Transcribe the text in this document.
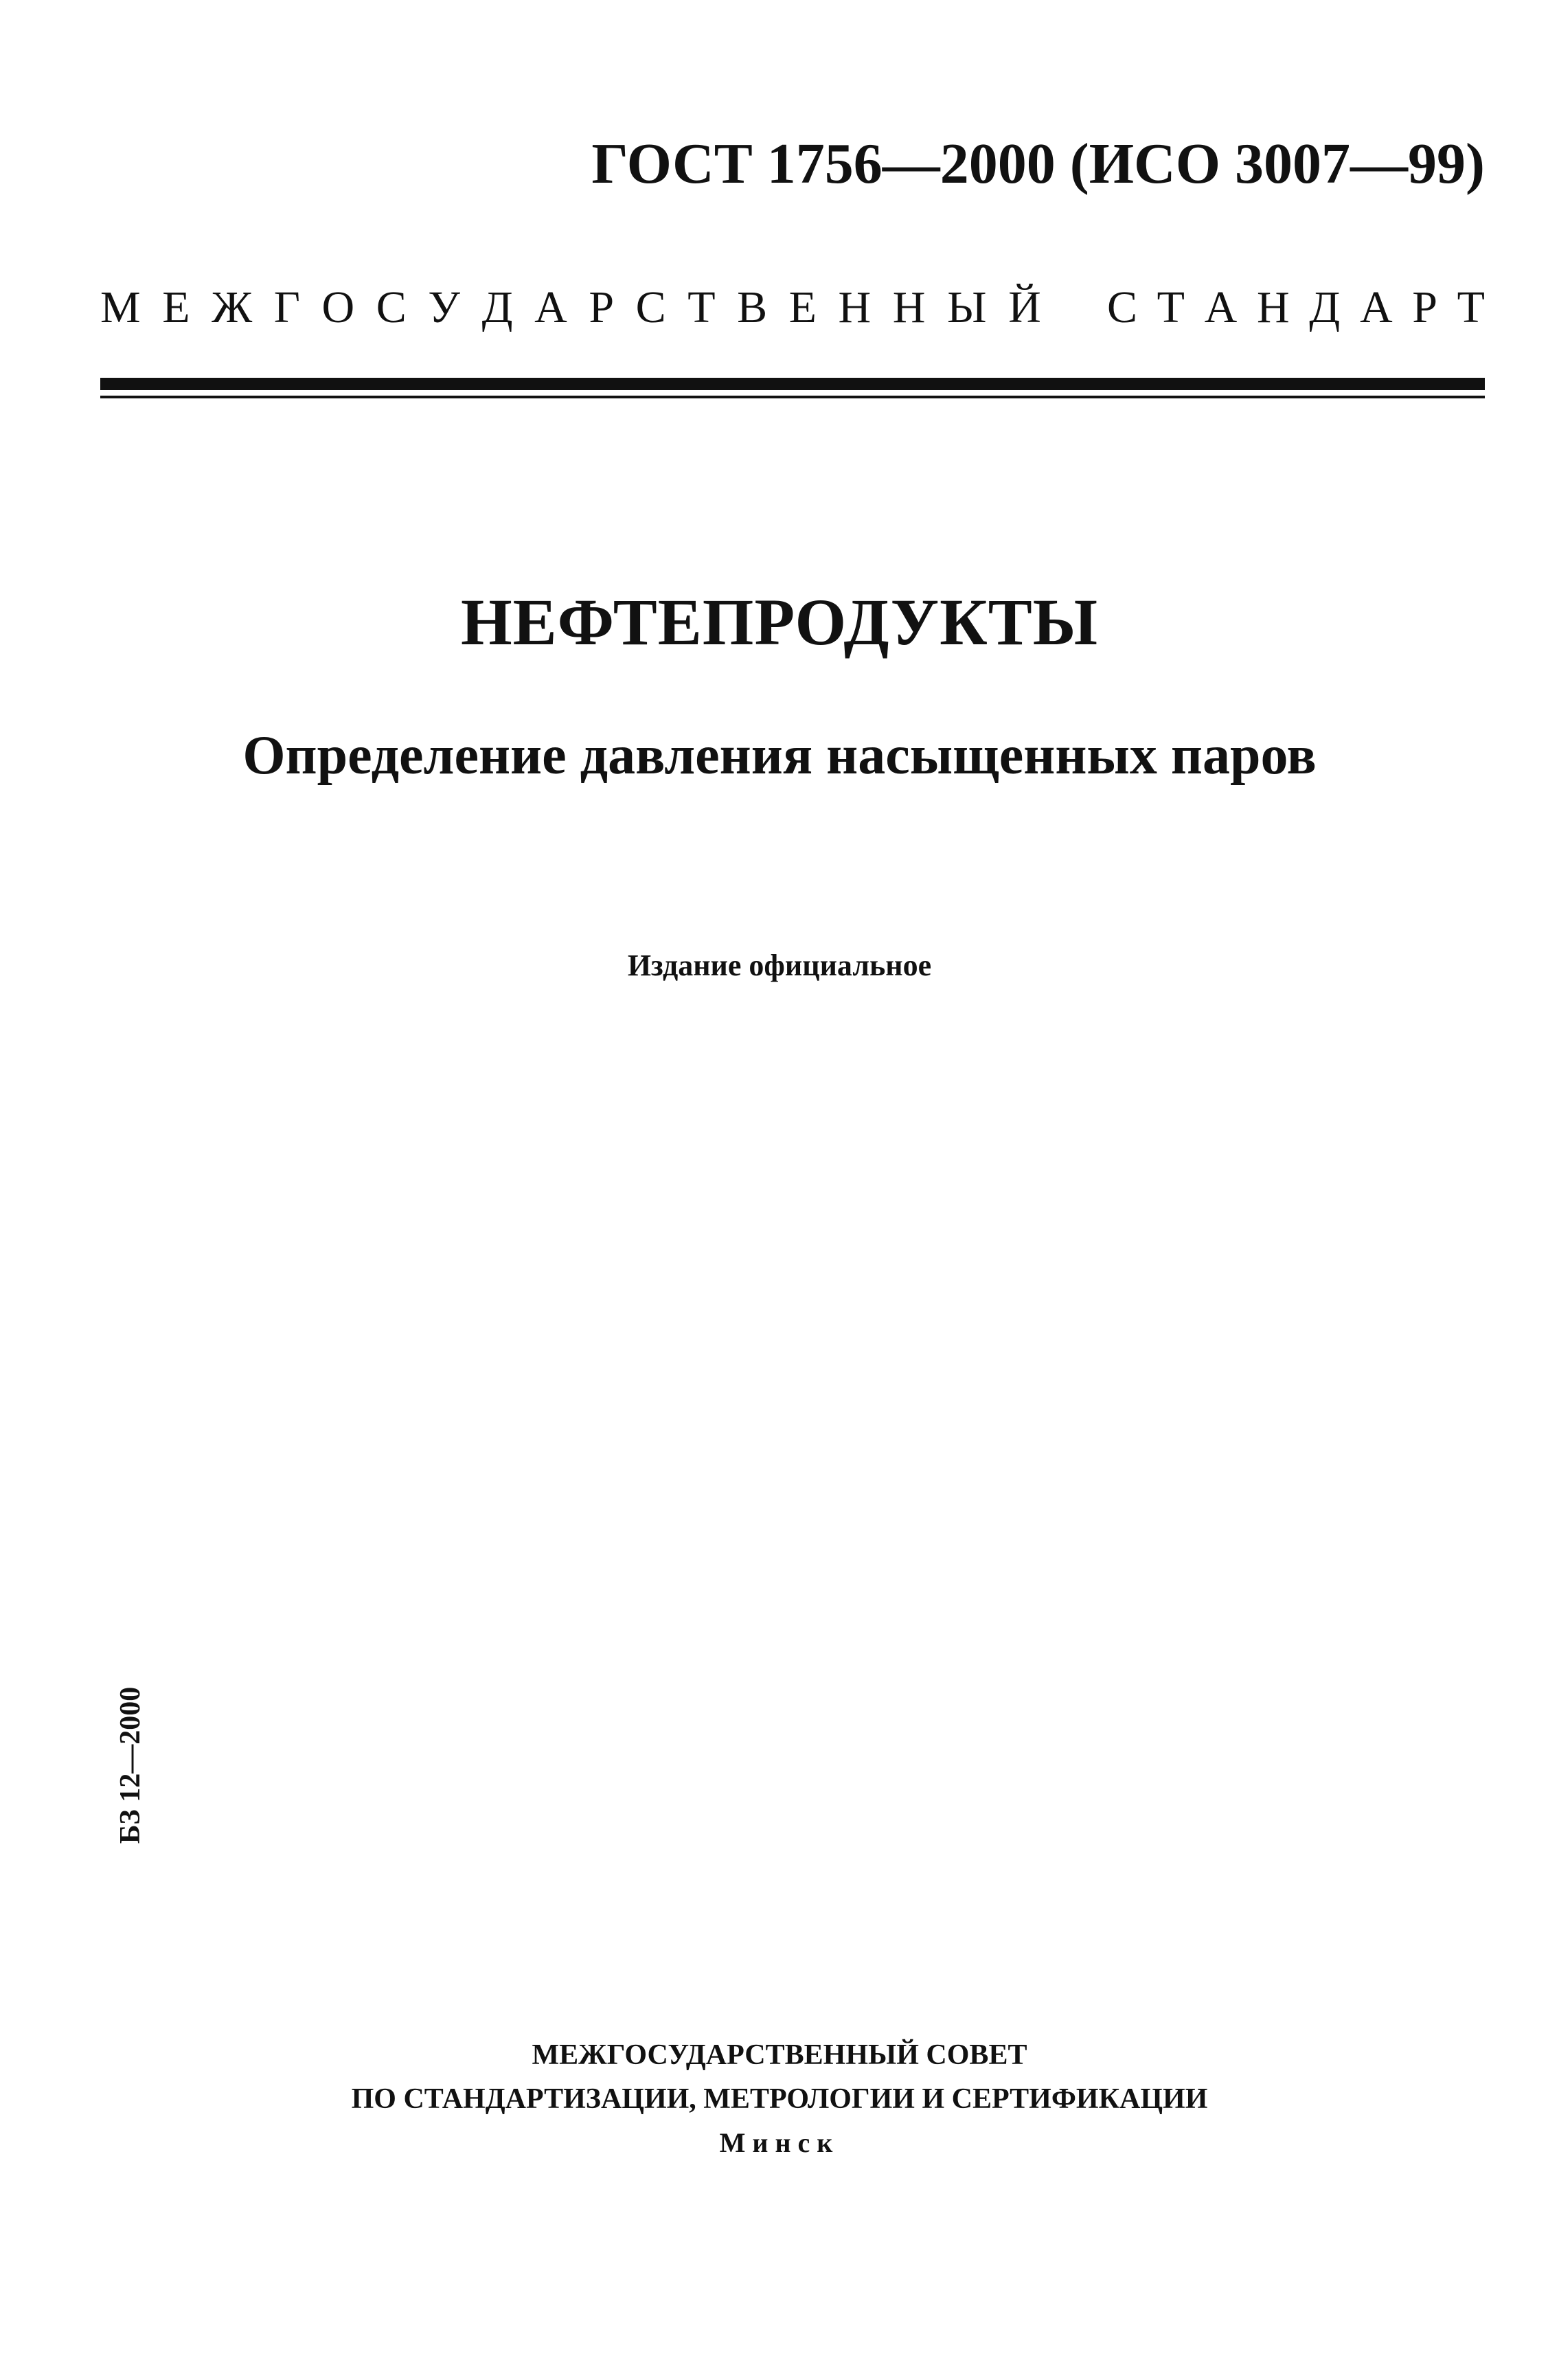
ГОСТ 1756—2000 (ИСО 3007—99)
М Е Ж Г О С У Д А Р С Т В Е Н Н Ы Й С Т А Н Д А Р Т
НЕФТЕПРОДУКТЫ
Определение давления насыщенных паров
Издание официальное
БЗ 12—2000
МЕЖГОСУДАРСТВЕННЫЙ СОВЕТ
ПО СТАНДАРТИЗАЦИИ, МЕТРОЛОГИИ И СЕРТИФИКАЦИИ
Минск
